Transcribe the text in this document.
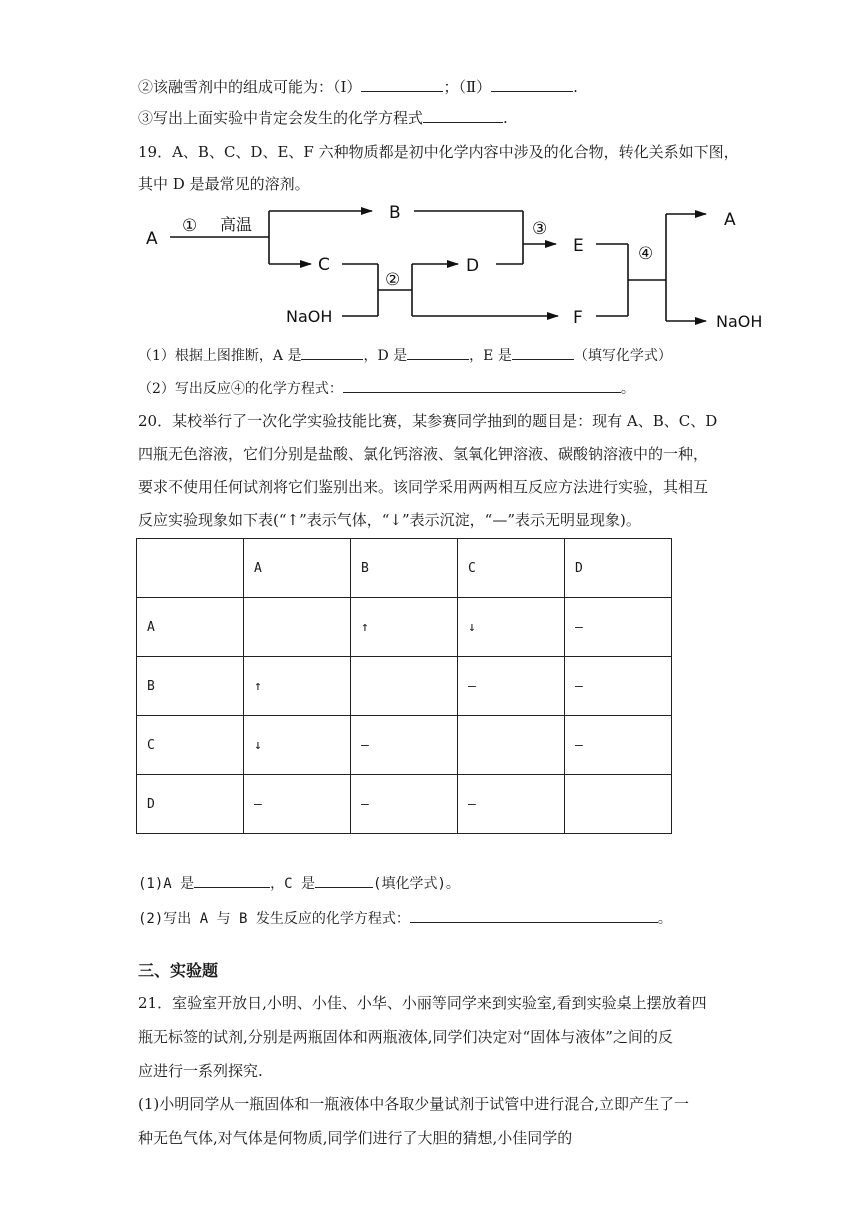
②该融雪剂中的组成可能为：（Ⅰ）	；（Ⅱ）	.
③写出上面实验中肯定会发生的化学方程式	.
19．A、B、C、D、E、F 六种物质都是初中化学内容中涉及的化合物，转化关系如下图，
其中 D 是最常见的溶剂。
A
① 高温
B
C
NaOH
②
D
③
E
F
④
A
NaOH
（1）根据上图推断，A 是	，D 是	，E 是	（填写化学式）
（2）写出反应④的化学方程式：	。
20．某校举行了一次化学实验技能比赛，某参赛同学抽到的题目是：现有 A、B、C、D
四瓶无色溶液，它们分别是盐酸、氯化钙溶液、氢氧化钾溶液、碳酸钠溶液中的一种，
要求不使用任何试剂将它们鉴别出来。该同学采用两两相互反应方法进行实验，其相互
反应实验现象如下表(“↑”表示气体，“↓”表示沉淀，“—”表示无明显现象)。
	A	B	C	D
A		↑	↓	—
B	↑		—	—
C	↓	—		—
D	—	—	—	
(1)A 是	，C 是	(填化学式)。
(2)写出 A 与 B 发生反应的化学方程式：	。
三、实验题
21．室验室开放日,小明、小佳、小华、小丽等同学来到实验室,看到实验桌上摆放着四
瓶无标签的试剂,分别是两瓶固体和两瓶液体,同学们决定对“固体与液体”之间的反
应进行一系列探究.
(1)小明同学从一瓶固体和一瓶液体中各取少量试剂于试管中进行混合,立即产生了一
种无色气体,对气体是何物质,同学们进行了大胆的猜想,小佳同学的
